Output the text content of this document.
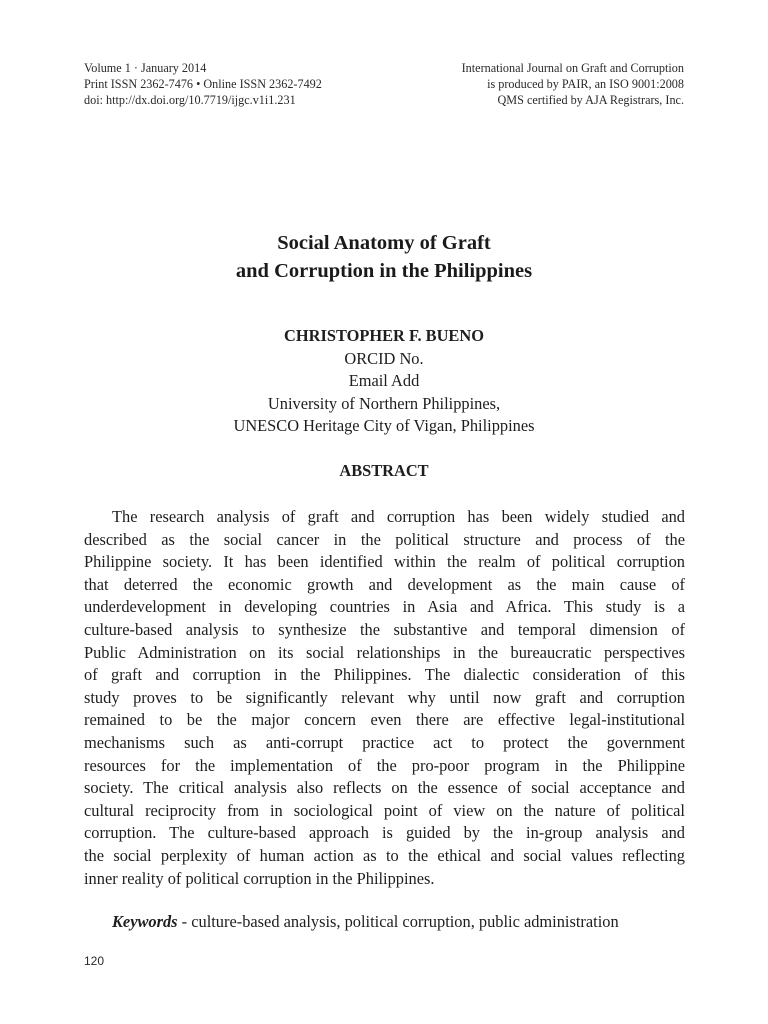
Volume 1 · January 2014
Print ISSN 2362-7476 • Online ISSN 2362-7492
doi: http://dx.doi.org/10.7719/ijgc.v1i1.231
International Journal on Graft and Corruption
is produced by PAIR, an ISO 9001:2008
QMS certified by AJA Registrars, Inc.
Social Anatomy of Graft
and Corruption in the Philippines
CHRISTOPHER F. BUENO
ORCID No.
Email Add
University of Northern Philippines,
UNESCO Heritage City of Vigan, Philippines
ABSTRACT
The research analysis of graft and corruption has been widely studied and
described as the social cancer in the political structure and process of the
Philippine society. It has been identified within the realm of political corruption
that deterred the economic growth and development as the main cause of
underdevelopment in developing countries in Asia and Africa. This study is a
culture-based analysis to synthesize the substantive and temporal dimension of
Public Administration on its social relationships in the bureaucratic perspectives
of graft and corruption in the Philippines. The dialectic consideration of this
study proves to be significantly relevant why until now graft and corruption
remained to be the major concern even there are effective legal-institutional
mechanisms such as anti-corrupt practice act to protect the government
resources for the implementation of the pro-poor program in the Philippine
society. The critical analysis also reflects on the essence of social acceptance and
cultural reciprocity from in sociological point of view on the nature of political
corruption. The culture-based approach is guided by the in-group analysis and
the social perplexity of human action as to the ethical and social values reflecting
inner reality of political corruption in the Philippines.
Keywords - culture-based analysis, political corruption, public administration
120
